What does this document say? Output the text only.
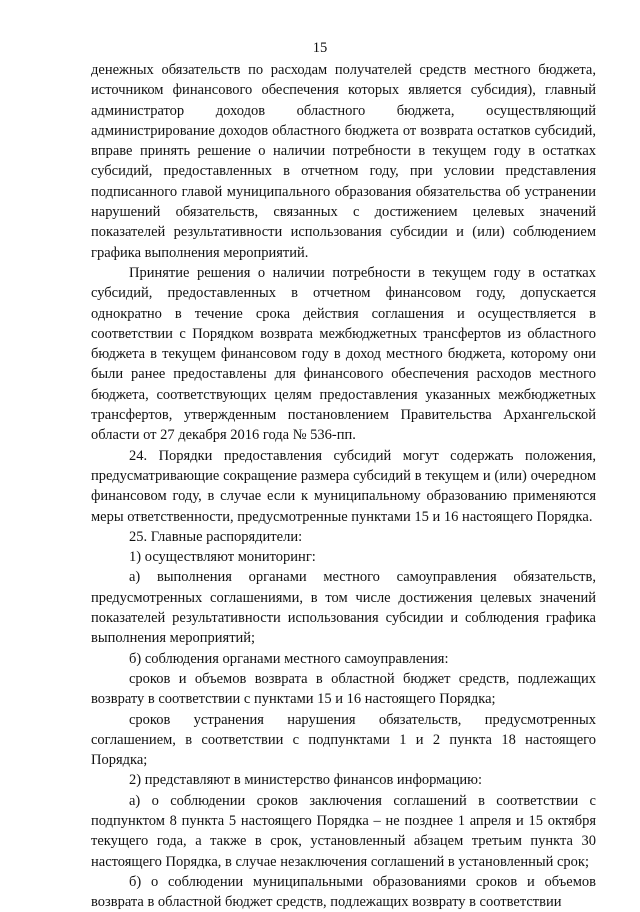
15

денежных обязательств по расходам получателей средств местного бюджета, источником финансового обеспечения которых является субсидия), главный администратор доходов областного бюджета, осуществляющий администрирование доходов областного бюджета от возврата остатков субсидий, вправе принять решение о наличии потребности в текущем году в остатках субсидий, предоставленных в отчетном году, при условии представления подписанного главой муниципального образования обязательства об устранении нарушений обязательств, связанных с достижением целевых значений показателей результативности использования субсидии и (или) соблюдением графика выполнения мероприятий.

Принятие решения о наличии потребности в текущем году в остатках субсидий, предоставленных в отчетном финансовом году, допускается однократно в течение срока действия соглашения и осуществляется в соответствии с Порядком возврата межбюджетных трансфертов из областного бюджета в текущем финансовом году в доход местного бюджета, которому они были ранее предоставлены для финансового обеспечения расходов местного бюджета, соответствующих целям предоставления указанных межбюджетных трансфертов, утвержденным постановлением Правительства Архангельской области от 27 декабря 2016 года № 536-пп.

24. Порядки предоставления субсидий могут содержать положения, предусматривающие сокращение размера субсидий в текущем и (или) очередном финансовом году, в случае если к муниципальному образованию применяются меры ответственности, предусмотренные пунктами 15 и 16 настоящего Порядка.

25. Главные распорядители:

1) осуществляют мониторинг:

а) выполнения органами местного самоуправления обязательств, предусмотренных соглашениями, в том числе достижения целевых значений показателей результативности использования субсидии и соблюдения графика выполнения мероприятий;

б) соблюдения органами местного самоуправления:

сроков и объемов возврата в областной бюджет средств, подлежащих возврату в соответствии с пунктами 15 и 16 настоящего Порядка;

сроков устранения нарушения обязательств, предусмотренных соглашением, в соответствии с подпунктами 1 и 2 пункта 18 настоящего Порядка;

2) представляют в министерство финансов информацию:

а) о соблюдении сроков заключения соглашений в соответствии с подпунктом 8 пункта 5 настоящего Порядка – не позднее 1 апреля и 15 октября текущего года, а также в срок, установленный абзацем третьим пункта 30 настоящего Порядка, в случае незаключения соглашений в установленный срок;

б) о соблюдении муниципальными образованиями сроков и объемов возврата в областной бюджет средств, подлежащих возврату в соответствии
